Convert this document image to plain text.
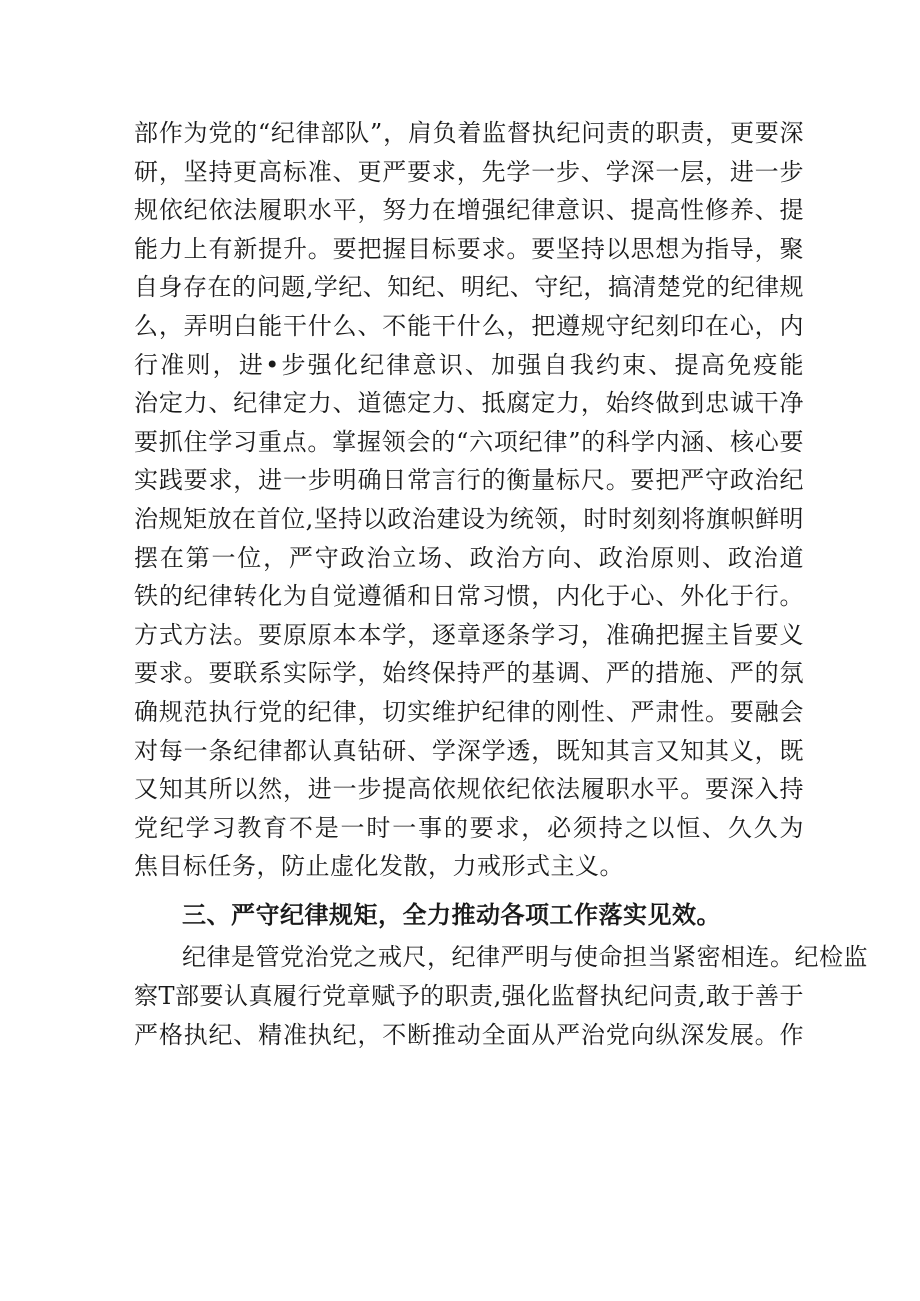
部作为党的“纪律部队”，肩负着监督执纪问责的职责，更要深
研，坚持更高标准、更严要求，先学一步、学深一层，进一步
规依纪依法履职水平，努力在增强纪律意识、提高性修养、提
能力上有新提升。要把握目标要求。要坚持以思想为指导，聚
自身存在的问题,学纪、知纪、明纪、守纪，搞清楚党的纪律规
么，弄明白能干什么、不能干什么，把遵规守纪刻印在心，内
行准则，进•步强化纪律意识、加强自我约束、提高免疫能
治定力、纪律定力、道德定力、抵腐定力，始终做到忠诚干净
要抓住学习重点。掌握领会的“六项纪律”的科学内涵、核心要
实践要求，进一步明确日常言行的衡量标尺。要把严守政治纪
治规矩放在首位,坚持以政治建设为统领，时时刻刻将旗帜鲜明
摆在第一位，严守政治立场、政治方向、政治原则、政治道
铁的纪律转化为自觉遵循和日常习惯，内化于心、外化于行。
方式方法。要原原本本学，逐章逐条学习，准确把握主旨要义
要求。要联系实际学，始终保持严的基调、严的措施、严的氛
确规范执行党的纪律，切实维护纪律的刚性、严肃性。要融会
对每一条纪律都认真钻研、学深学透，既知其言又知其义，既
又知其所以然，进一步提高依规依纪依法履职水平。要深入持
党纪学习教育不是一时一事的要求，必须持之以恒、久久为
焦目标任务，防止虚化发散，力戒形式主义。
三、严守纪律规矩，全力推动各项工作落实见效。
纪律是管党治党之戒尺，纪律严明与使命担当紧密相连。纪检监
察T部要认真履行党章赋予的职责,强化监督执纪问责,敢于善于
严格执纪、精准执纪，不断推动全面从严治党向纵深发展。作
